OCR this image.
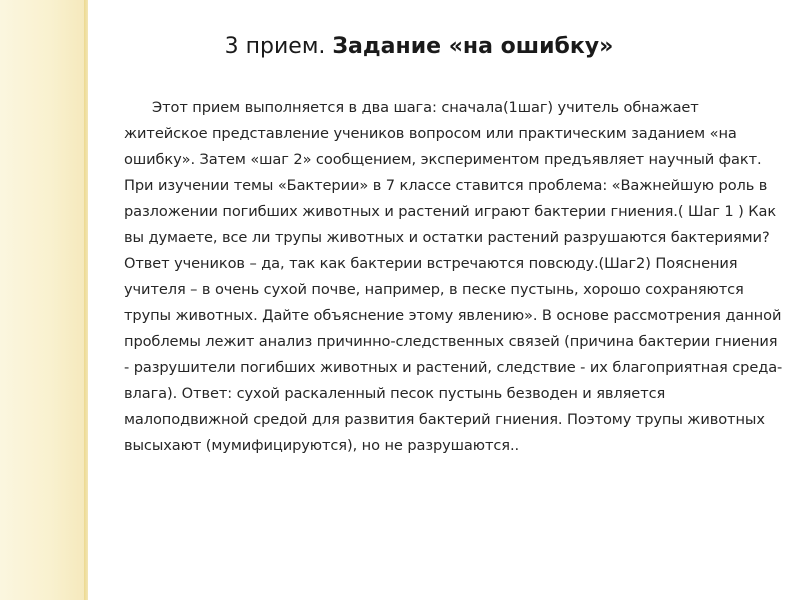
3 прием. Задание «на ошибку»

Этот прием выполняется в два шага: сначала(1шаг) учитель обнажает житейское представление учеников вопросом или практическим заданием «на ошибку». Затем «шаг 2» сообщением, экспериментом предъявляет научный факт. При изучении темы «Бактерии» в 7 классе ставится проблема: «Важнейшую роль в разложении погибших животных и растений играют бактерии гниения.( Шаг 1 ) Как вы думаете, все ли трупы животных и остатки растений разрушаются бактериями? Ответ учеников – да, так как бактерии встречаются повсюду.(Шаг2) Пояснения учителя – в очень сухой почве, например, в песке пустынь, хорошо сохраняются трупы животных. Дайте объяснение этому явлению». В основе рассмотрения данной проблемы лежит анализ причинно-следственных связей (причина бактерии гниения - разрушители погибших животных и растений, следствие - их благоприятная среда- влага). Ответ: сухой раскаленный песок пустынь безводен и является малоподвижной средой для развития бактерий гниения. Поэтому трупы животных высыхают (мумифицируются), но не разрушаются..
